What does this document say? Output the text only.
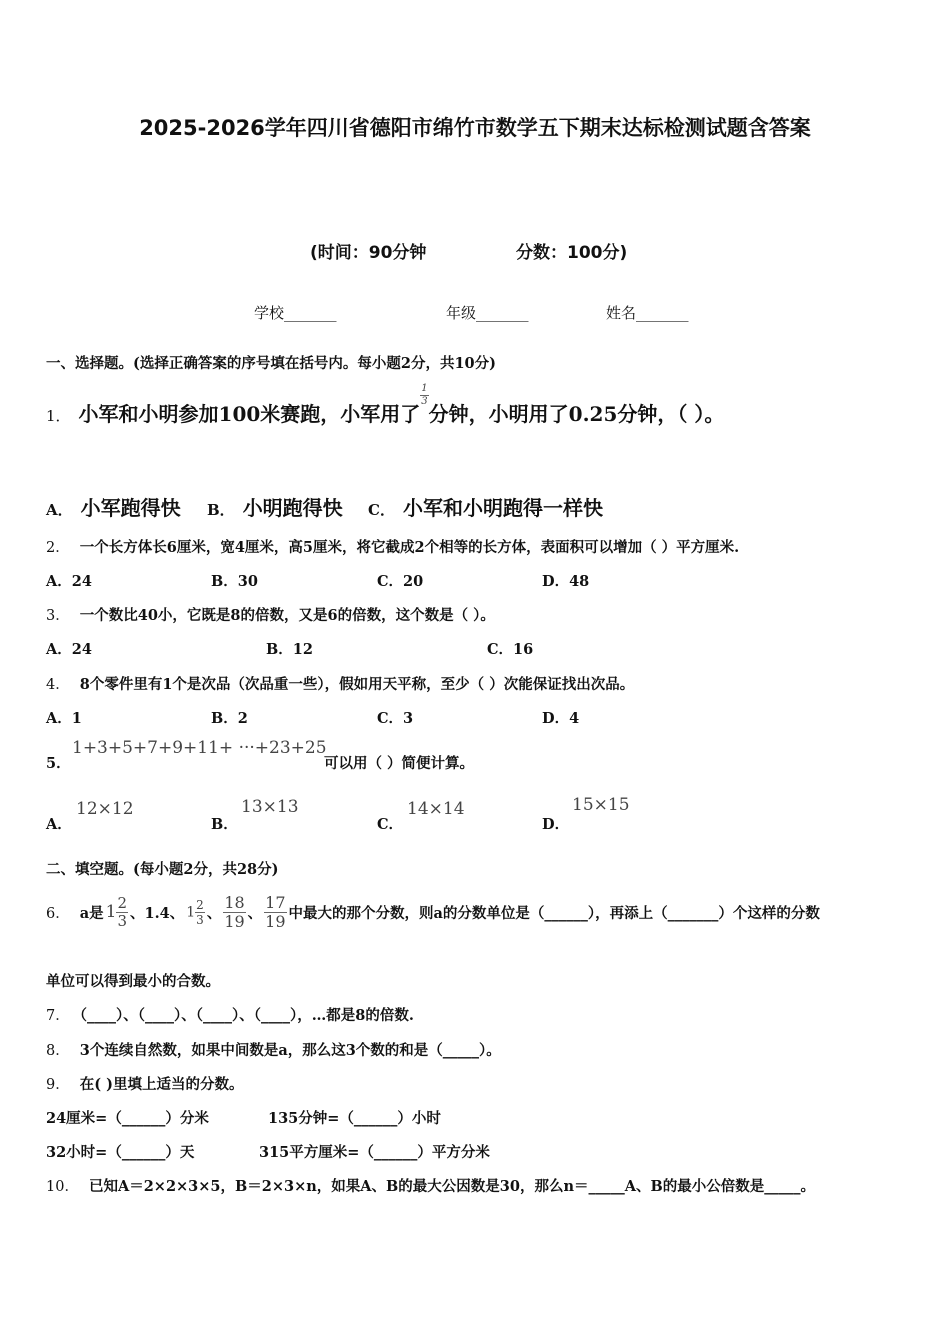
2025-2026学年四川省德阳市绵竹市数学五下期末达标检测试题含答案
(时间：90分钟	分数：100分)
学校_______	年级_______	姓名_______
一、选择题。(选择正确答案的序号填在括号内。每小题2分，共10分)
1． 小军和小明参加100米赛跑，小军用了
$\frac{1}{3}$
分钟，小明用了0.25分钟，（ ）。
A． 小军跑得快 B． 小明跑得快 C． 小军和小明跑得一样快
2． 一个长方体长6厘米，宽4厘米，高5厘米，将它截成2个相等的长方体，表面积可以增加（ ）平方厘米.
A．24	B．30	C．20	D．48
3． 一个数比40小，它既是8的倍数，又是6的倍数，这个数是（ ）。
A．24	B．12	C．16
4． 8个零件里有1个是次品（次品重一些），假如用天平称，至少（ ）次能保证找出次品。
A．1	B．2	C．3	D．4
5．
1+3+5+7+9+11+ ···+23+25
可以用（ ）简便计算。
A．
12×12
B．
13×13
C．
14×14
D．
15×15
二、填空题。(每小题2分，共28分)
6． a是 $1 \frac{2}{3}$ 、1.4、 $1 \frac{2}{3}$ 、 $\frac{18}{19}$ 、 $\frac{17}{19}$ 中最大的那个分数，则a的分数单位是（______），再添上（_______）个这样的分数
单位可以得到最小的合数。
7． （____）、（____）、（____）、（____），…都是8的倍数.
8． 3个连续自然数，如果中间数是a，那么这3个数的和是（_____）。
9． 在( )里填上适当的分数。
24厘米=（______）分米	135分钟=（______）小时
32小时=（______）天	315平方厘米=（______）平方分米
10． 已知A＝2×2×3×5，B＝2×3×n，如果A、B的最大公因数是30，那么n＝_____A、B的最小公倍数是_____。
